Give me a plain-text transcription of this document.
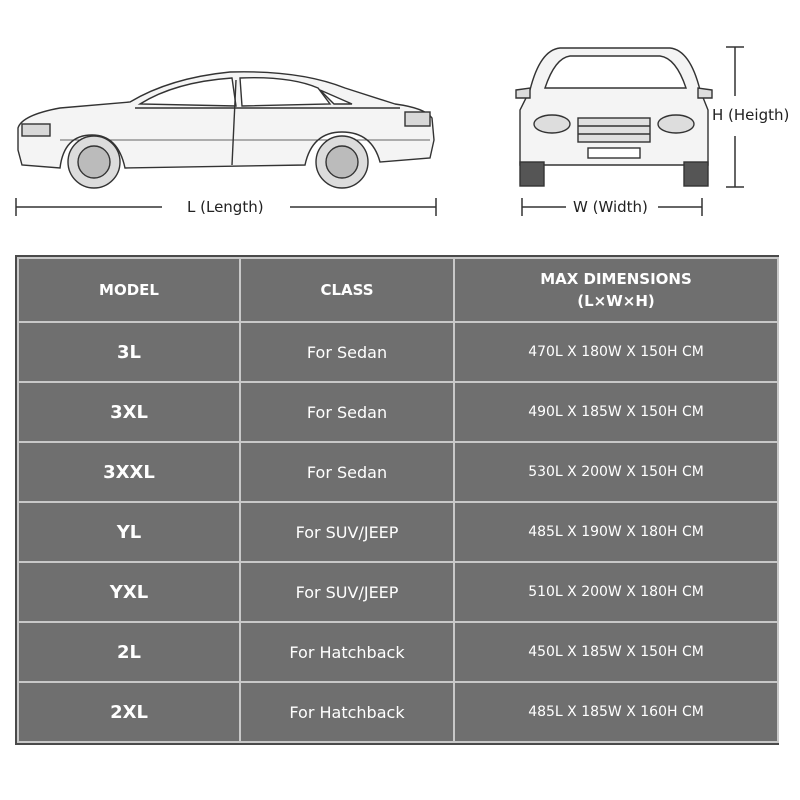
L (Length)	W (Width)
H (Heigth)
MODEL	CLASS	MAX DIMENSIONS
(L×W×H)

3L	For Sedan	470L X 180W X 150H CM
3XL	For Sedan	490L X 185W X 150H CM
3XXL	For Sedan	530L X 200W X 150H CM
YL	For SUV/JEEP	485L X 190W X 180H CM
YXL	For SUV/JEEP	510L X 200W X 180H CM
2L	For Hatchback	450L X 185W X 150H CM
2XL	For Hatchback	485L X 185W X 160H CM
